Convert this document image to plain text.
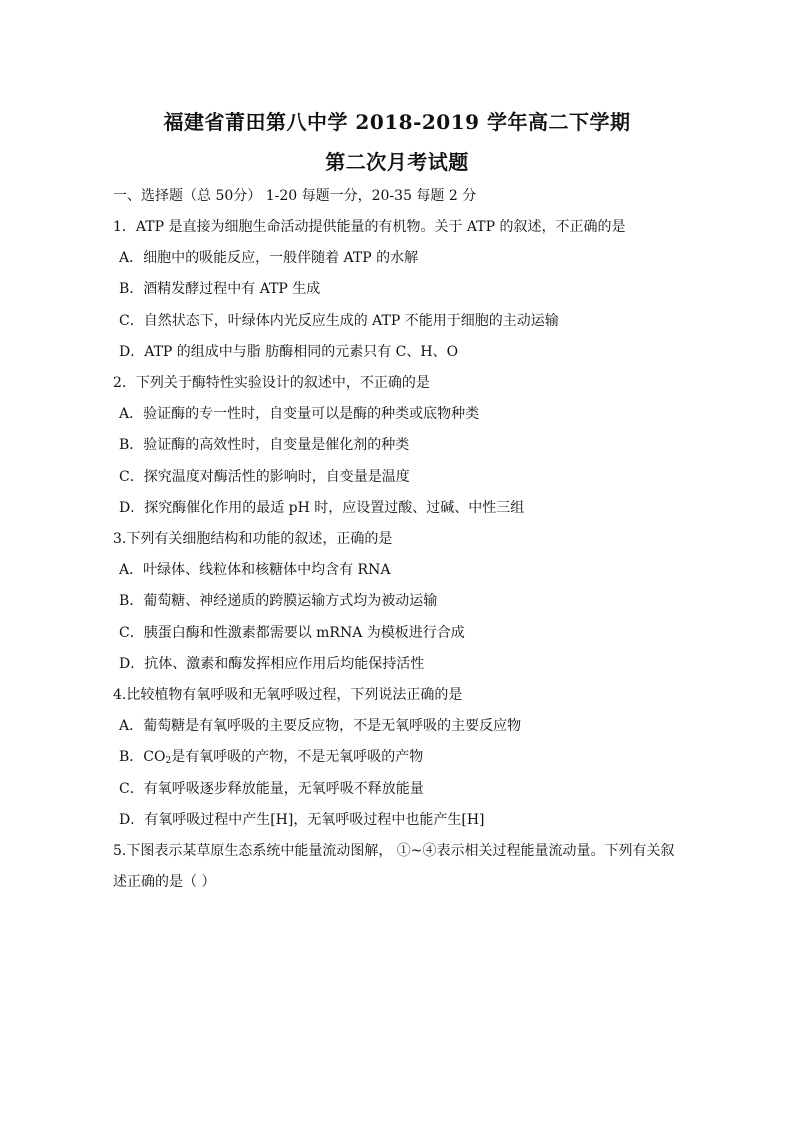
福建省莆田第八中学 2018-2019 学年高二下学期
第二次月考试题
一、选择题（总 50分） 1-20 每题一分，20-35 每题 2 分
1．ATP 是直接为细胞生命活动提供能量的有机物。关于 ATP 的叙述，不正确的是
A．细胞中的吸能反应，一般伴随着 ATP 的水解
B．酒精发酵过程中有 ATP 生成
C．自然状态下，叶绿体内光反应生成的 ATP 不能用于细胞的主动运输
D．ATP 的组成中与脂 肪酶相同的元素只有 C、H、O
2．下列关于酶特性实验设计的叙述中，不正确的是
A．验证酶的专一性时，自变量可以是酶的种类或底物种类
B．验证酶的高效性时，自变量是催化剂的种类
C．探究温度对酶活性的影响时，自变量是温度
D．探究酶催化作用的最适 pH 时，应设置过酸、过碱、中性三组
3.下列有关细胞结构和功能的叙述，正确的是
A．叶绿体、线粒体和核糖体中均含有 RNA
B．葡萄糖、神经递质的跨膜运输方式均为被动运输
C．胰蛋白酶和性激素都需要以 mRNA 为模板进行合成
D．抗体、激素和酶发挥相应作用后均能保持活性
4.比较植物有氧呼吸和无氧呼吸过程，下列说法正确的是
A．葡萄糖是有氧呼吸的主要反应物，不是无氧呼吸的主要反应物
B．$CO_2$是有氧呼吸的产物，不是无氧呼吸的产物
C．有氧呼吸逐步释放能量，无氧呼吸不释放能量
D．有氧呼吸过程中产生[H]，无氧呼吸过程中也能产生[H]
5.下图表示某草原生态系统中能量流动图解， ①~④表示相关过程能量流动量。下列有关叙
述正确的是（ ）
